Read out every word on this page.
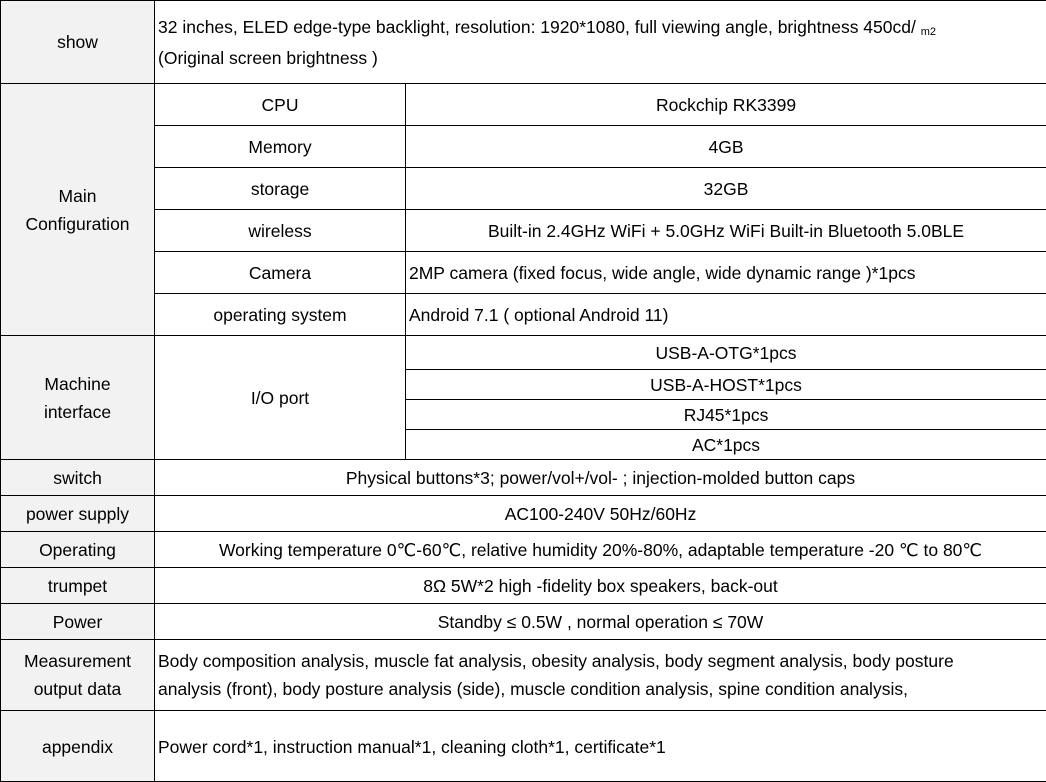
show	32 inches, ELED edge-type backlight, resolution: 1920*1080, full viewing angle, brightness 450cd/ $_{m2}$
(Original screen brightness )	
Main
Configuration	CPU	Rockchip RK3399
	Memory	4GB
	storage	32GB
	wireless	Built-in 2.4GHz WiFi + 5.0GHz WiFi Built-in Bluetooth 5.0BLE
	Camera	2MP camera (fixed focus, wide angle, wide dynamic range )*1pcs
	operating system	Android 7.1 ( optional Android 11)
Machine
interface	I/O port	USB-A-OTG*1pcs
		USB-A-HOST*1pcs
		RJ45*1pcs
		AC*1pcs
switch	Physical buttons*3; power/vol+/vol- ; injection-molded button caps	
power supply	AC100-240V 50Hz/60Hz	
Operating	Working temperature 0℃-60℃, relative humidity 20%-80%, adaptable temperature -20 ℃ to 80℃	
trumpet	8Ω 5W*2 high -fidelity box speakers, back-out	
Power	Standby ≤ 0.5W , normal operation ≤ 70W	
Measurement
output data	Body composition analysis, muscle fat analysis, obesity analysis, body segment analysis, body posture
analysis (front), body posture analysis (side), muscle condition analysis, spine condition analysis,	
appendix	Power cord*1, instruction manual*1, cleaning cloth*1, certificate*1	
